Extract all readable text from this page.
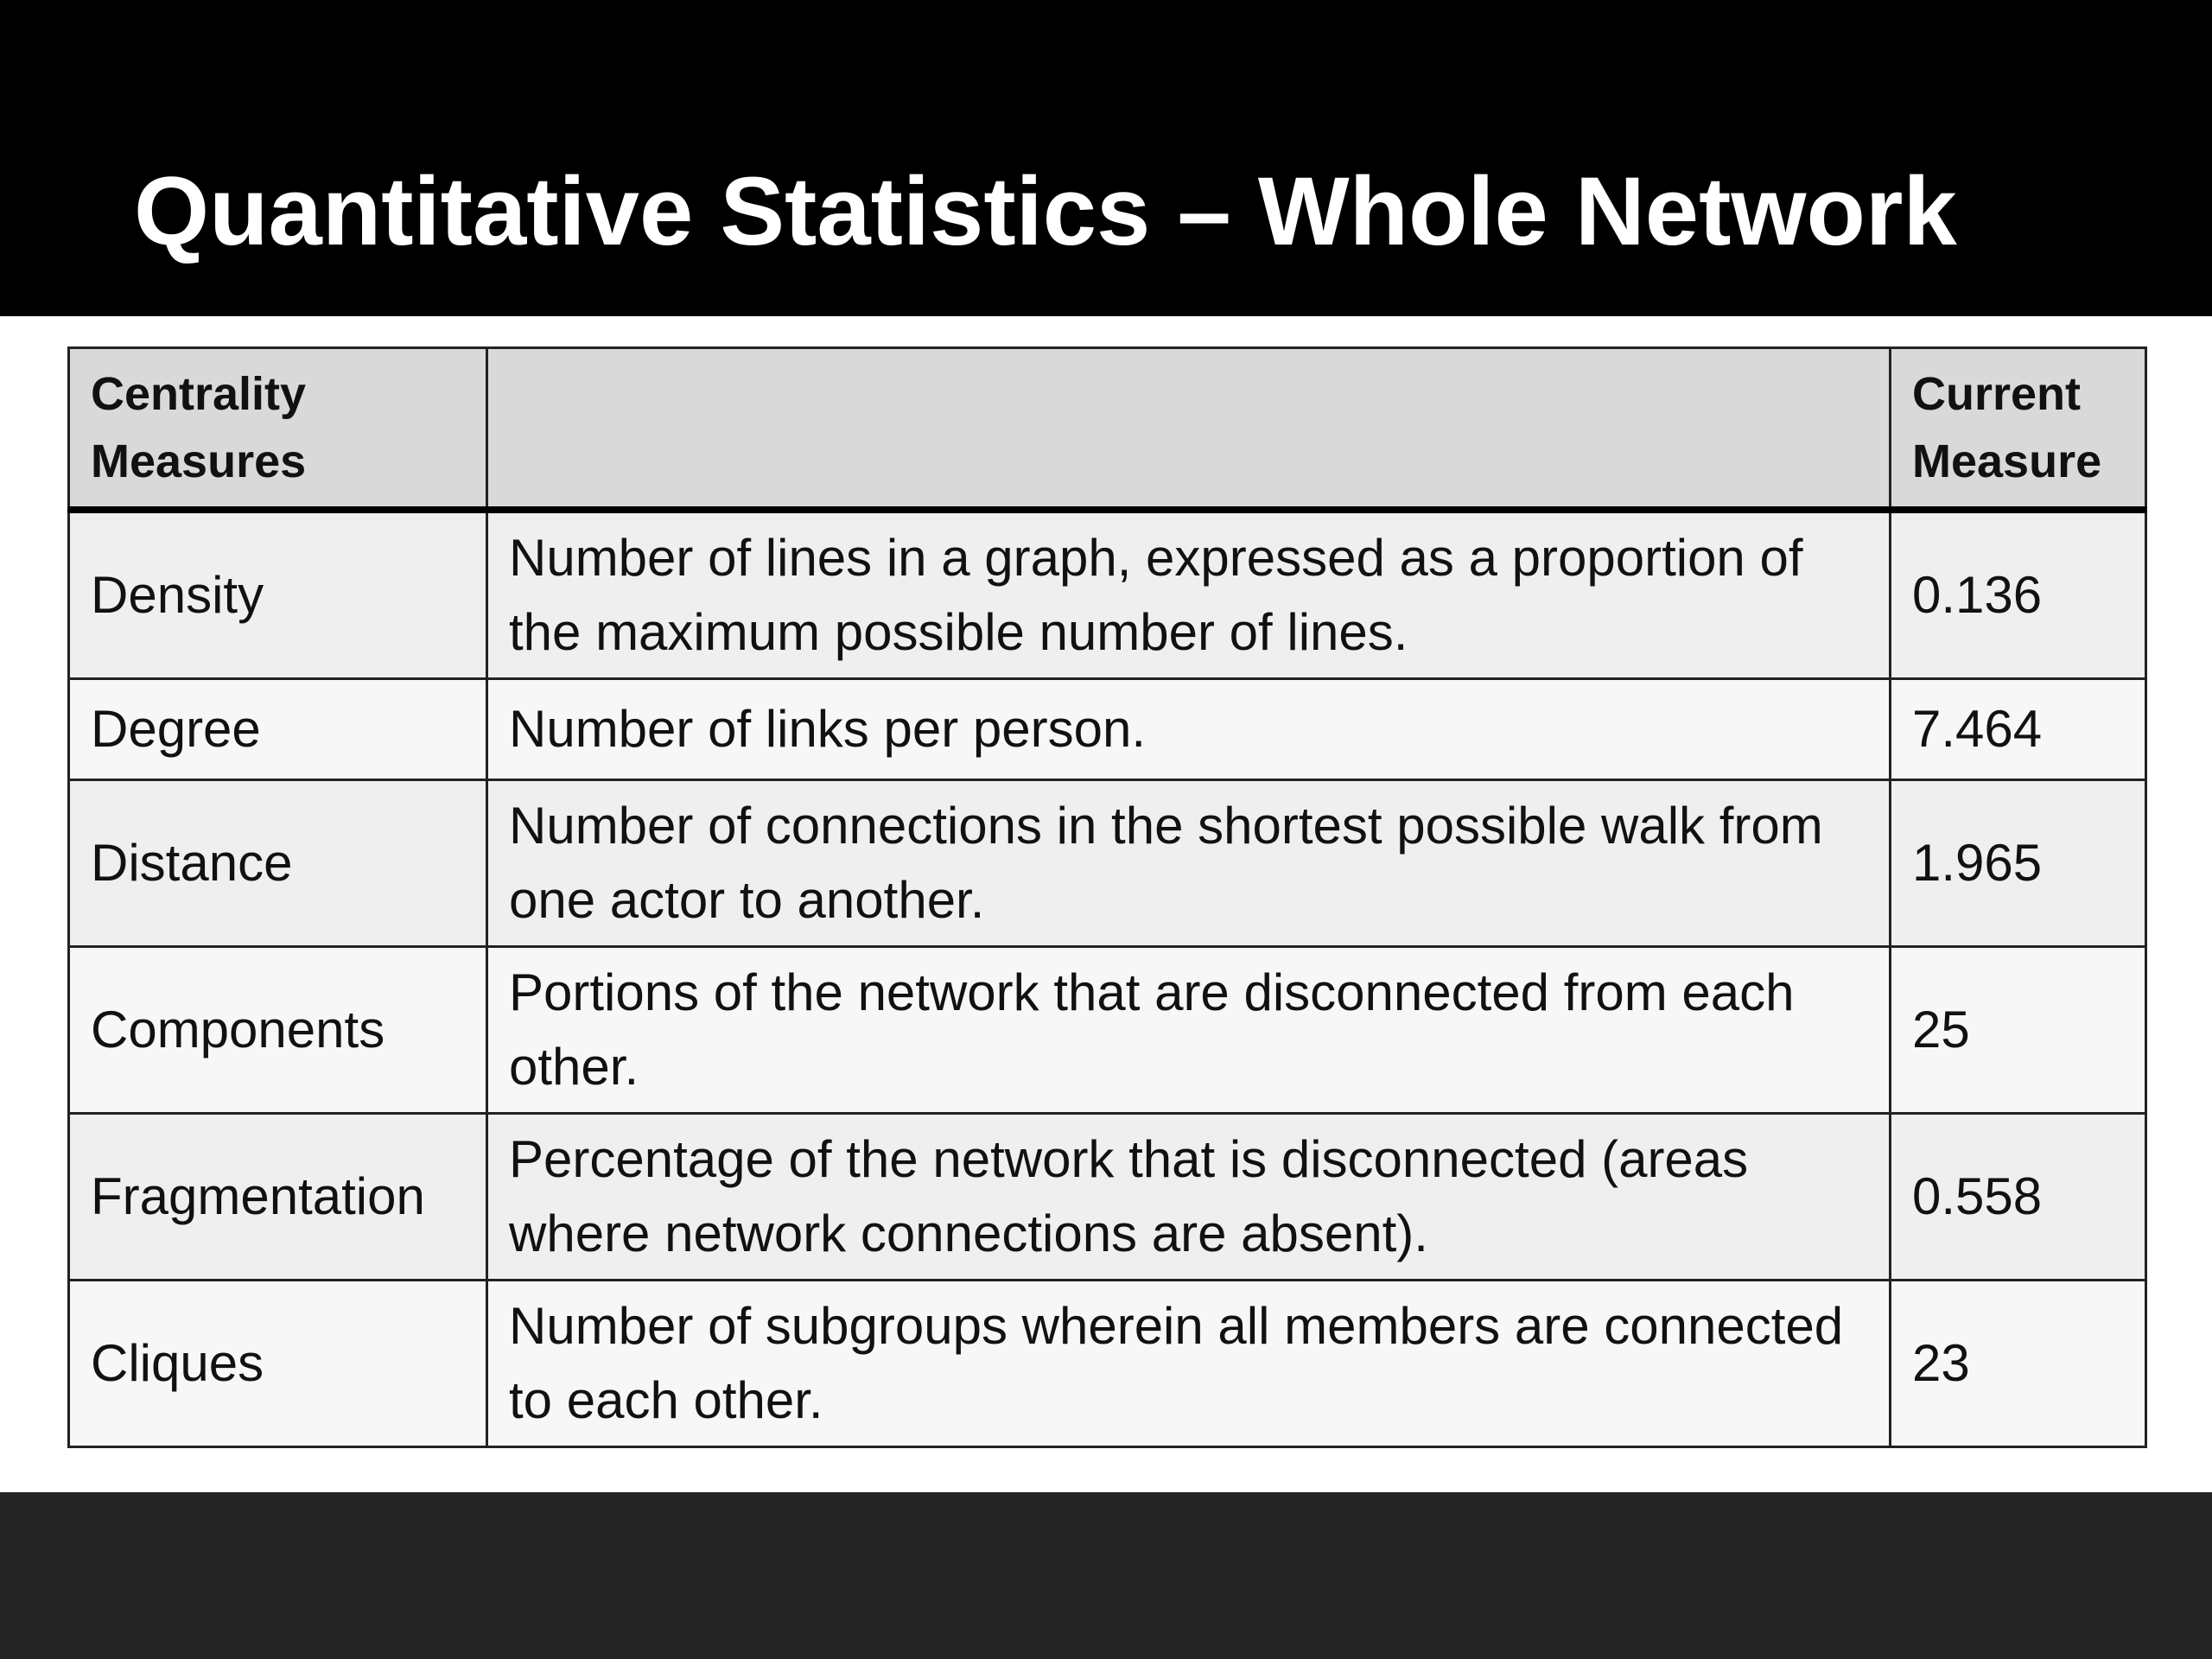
Quantitative Statistics – Whole Network
Centrality Measures		Current Measure
Density	Number of lines in a graph, expressed as a proportion of the maximum possible number of lines.	0.136
Degree	Number of links per person.	7.464
Distance	Number of connections in the shortest possible walk from one actor to another.	1.965
Components	Portions of the network that are disconnected from each other.	25
Fragmentation	Percentage of the network that is disconnected (areas where network connections are absent).	0.558
Cliques	Number of subgroups wherein all members are connected to each other.	23
